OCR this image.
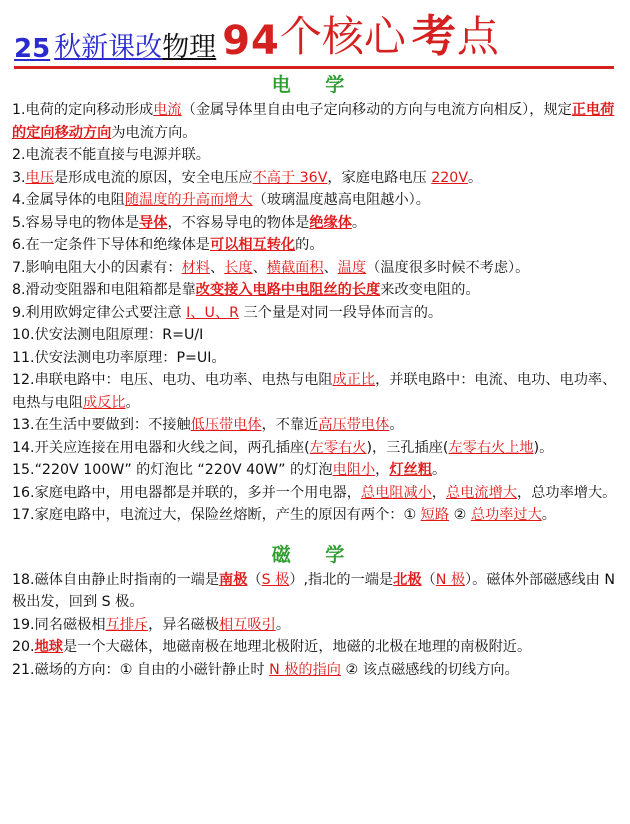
25 秋新课改 物理 94 个核心 考 点
电 学

1.电荷的定向移动形成电流（金属导体里自由电子定向移动的方向与电流方向相反），规定正电荷的定向移动方向为电流方向。

2.电流表不能直接与电源并联。

3.电压是形成电流的原因，安全电压应不高于 36V，家庭电路电压 220V。

4.金属导体的电阻随温度的升高而增大（玻璃温度越高电阻越小）。

5.容易导电的物体是导体，不容易导电的物体是绝缘体。

6.在一定条件下导体和绝缘体是可以相互转化的。

7.影响电阻大小的因素有：材料、长度、横截面积、温度（温度很多时候不考虑）。

8.滑动变阻器和电阻箱都是靠改变接入电路中电阻丝的长度来改变电阻的。

9.利用欧姆定律公式要注意 I、U、R 三个量是对同一段导体而言的。

10.伏安法测电阻原理：R=U/I

11.伏安法测电功率原理：P=UI。

12.串联电路中：电压、电功、电功率、电热与电阻成正比，并联电路中：电流、电功、电功率、电热与电阻成反比。

13.在生活中要做到：不接触低压带电体，不靠近高压带电体。

14.开关应连接在用电器和火线之间，两孔插座(左零右火)，三孔插座(左零右火上地)。

15.“220V 100W” 的灯泡比 “220V 40W” 的灯泡电阻小，灯丝粗。

16.家庭电路中，用电器都是并联的，多并一个用电器，总电阻减小，总电流增大，总功率增大。

17.家庭电路中，电流过大，保险丝熔断，产生的原因有两个：① 短路 ② 总功率过大。

磁 学

18.磁体自由静止时指南的一端是南极（S 极）,指北的一端是北极（N 极）。磁体外部磁感线由 N 极出发，回到 S 极。

19.同名磁极相互排斥，异名磁极相互吸引。

20.地球是一个大磁体，地磁南极在地理北极附近，地磁的北极在地理的南极附近。

21.磁场的方向：① 自由的小磁针静止时 N 极的指向 ② 该点磁感线的切线方向。
